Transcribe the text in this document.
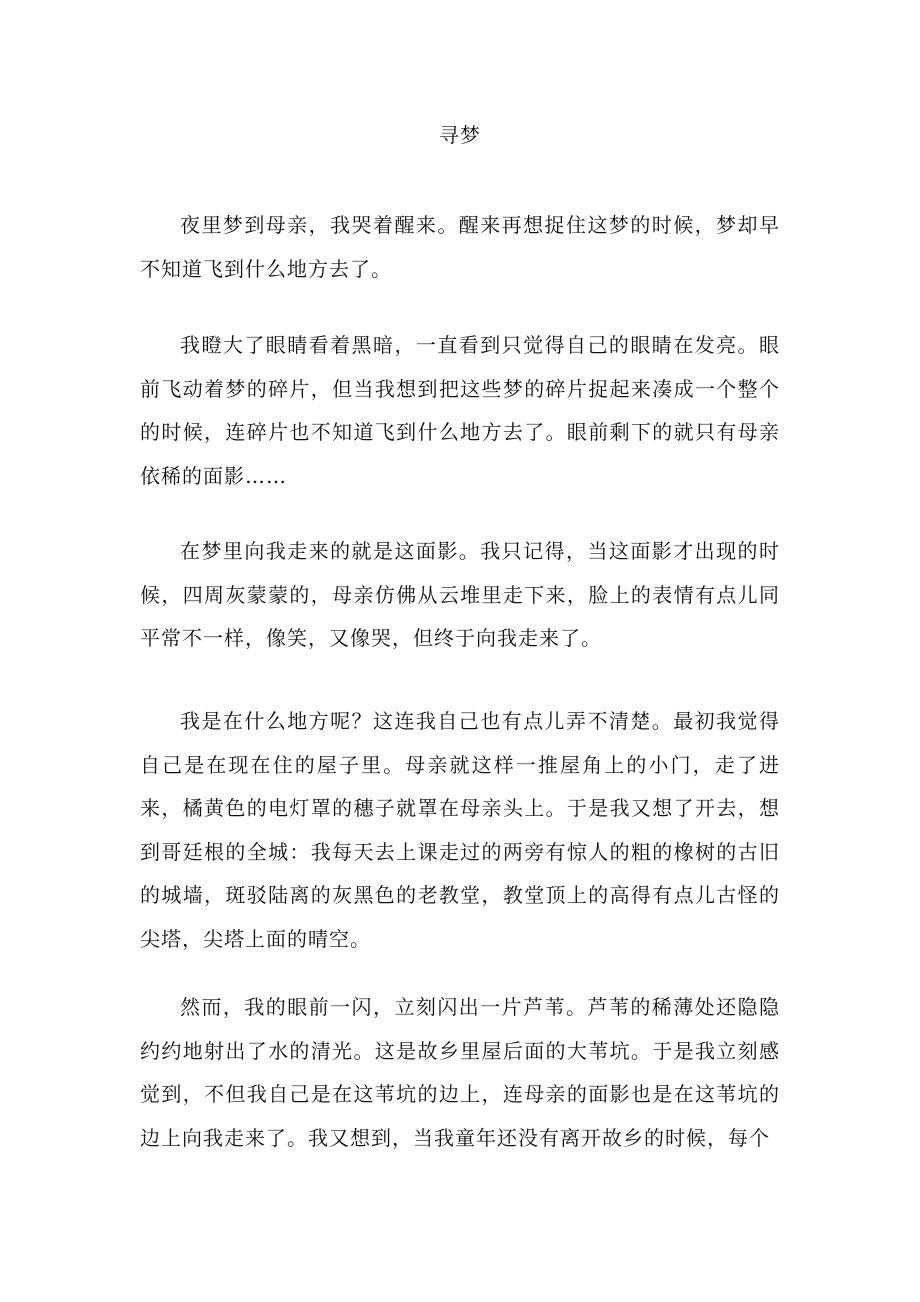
寻梦

夜里梦到母亲，我哭着醒来。醒来再想捉住这梦的时候，梦却早不知道飞到什么地方去了。

我瞪大了眼睛看着黑暗，一直看到只觉得自己的眼睛在发亮。眼前飞动着梦的碎片，但当我想到把这些梦的碎片捉起来凑成一个整个的时候，连碎片也不知道飞到什么地方去了。眼前剩下的就只有母亲依稀的面影……

在梦里向我走来的就是这面影。我只记得，当这面影才出现的时候，四周灰蒙蒙的，母亲仿佛从云堆里走下来，脸上的表情有点儿同平常不一样，像笑，又像哭，但终于向我走来了。

我是在什么地方呢？这连我自己也有点儿弄不清楚。最初我觉得自己是在现在住的屋子里。母亲就这样一推屋角上的小门，走了进来，橘黄色的电灯罩的穗子就罩在母亲头上。于是我又想了开去，想到哥廷根的全城：我每天去上课走过的两旁有惊人的粗的橡树的古旧的城墙，斑驳陆离的灰黑色的老教堂，教堂顶上的高得有点儿古怪的尖塔，尖塔上面的晴空。

然而，我的眼前一闪，立刻闪出一片芦苇。芦苇的稀薄处还隐隐约约地射出了水的清光。这是故乡里屋后面的大苇坑。于是我立刻感觉到，不但我自己是在这苇坑的边上，连母亲的面影也是在这苇坑的边上向我走来了。我又想到，当我童年还没有离开故乡的时候，每个
